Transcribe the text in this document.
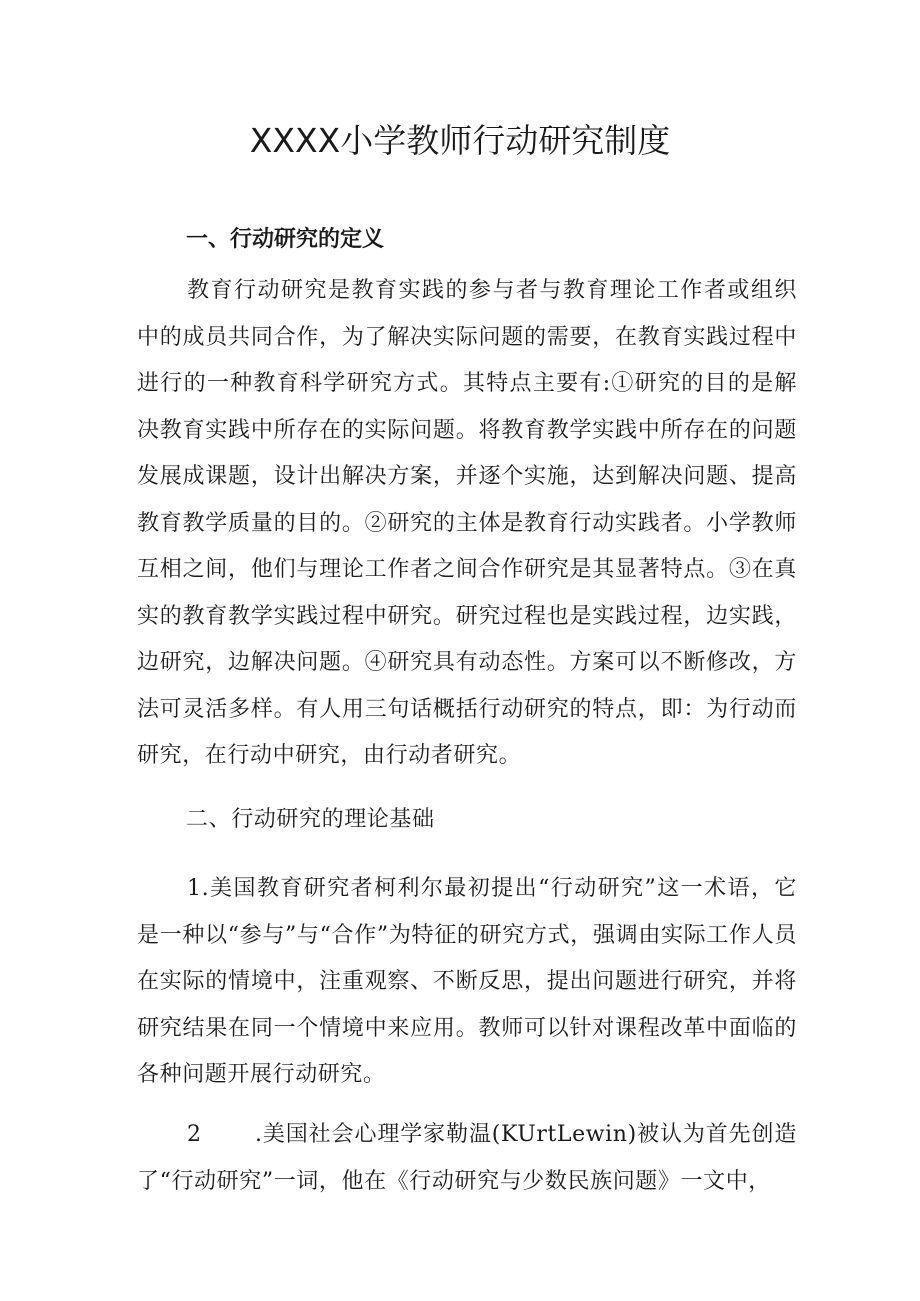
XXXX小学教师行动研究制度
一、行动研究的定义

教育行动研究是教育实践的参与者与教育理论工作者或组织中的成员共同合作，为了解决实际问题的需要，在教育实践过程中进行的一种教育科学研究方式。其特点主要有:①研究的目的是解决教育实践中所存在的实际问题。将教育教学实践中所存在的问题发展成课题，设计出解决方案，并逐个实施，达到解决问题、提高教育教学质量的目的。②研究的主体是教育行动实践者。小学教师互相之间，他们与理论工作者之间合作研究是其显著特点。③在真实的教育教学实践过程中研究。研究过程也是实践过程，边实践，边研究，边解决问题。④研究具有动态性。方案可以不断修改，方法可灵活多样。有人用三句话概括行动研究的特点，即：为行动而研究，在行动中研究，由行动者研究。

二、行动研究的理论基础

1.美国教育研究者柯利尔最初提出“行动研究”这一术语，它是一种以“参与”与“合作”为特征的研究方式，强调由实际工作人员在实际的情境中，注重观察、不断反思，提出问题进行研究，并将研究结果在同一个情境中来应用。教师可以针对课程改革中面临的各种问题开展行动研究。

2 .美国社会心理学家勒温(KUrtLewin)被认为首先创造了“行动研究”一词，他在《行动研究与少数民族问题》一文中，
